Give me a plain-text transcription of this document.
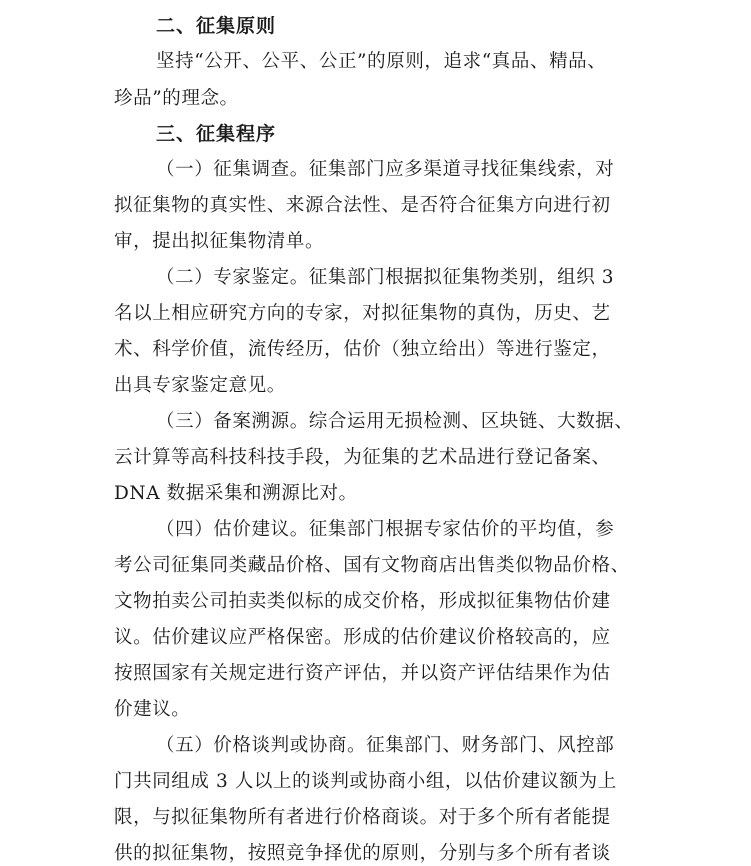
二、征集原则
坚持“公开、公平、公正”的原则，追求“真品、精品、
珍品”的理念。
三、征集程序
（一）征集调查。征集部门应多渠道寻找征集线索，对
拟征集物的真实性、来源合法性、是否符合征集方向进行初
审，提出拟征集物清单。
（二）专家鉴定。征集部门根据拟征集物类别，组织 3
名以上相应研究方向的专家，对拟征集物的真伪，历史、艺
术、科学价值，流传经历，估价（独立给出）等进行鉴定，
出具专家鉴定意见。
（三）备案溯源。综合运用无损检测、区块链、大数据、
云计算等高科技科技手段，为征集的艺术品进行登记备案、
DNA 数据采集和溯源比对。
（四）估价建议。征集部门根据专家估价的平均值，参
考公司征集同类藏品价格、国有文物商店出售类似物品价格、
文物拍卖公司拍卖类似标的成交价格，形成拟征集物估价建
议。估价建议应严格保密。形成的估价建议价格较高的，应
按照国家有关规定进行资产评估，并以资产评估结果作为估
价建议。
（五）价格谈判或协商。征集部门、财务部门、风控部
门共同组成 3 人以上的谈判或协商小组，以估价建议额为上
限，与拟征集物所有者进行价格商谈。对于多个所有者能提
供的拟征集物，按照竞争择优的原则，分别与多个所有者谈
